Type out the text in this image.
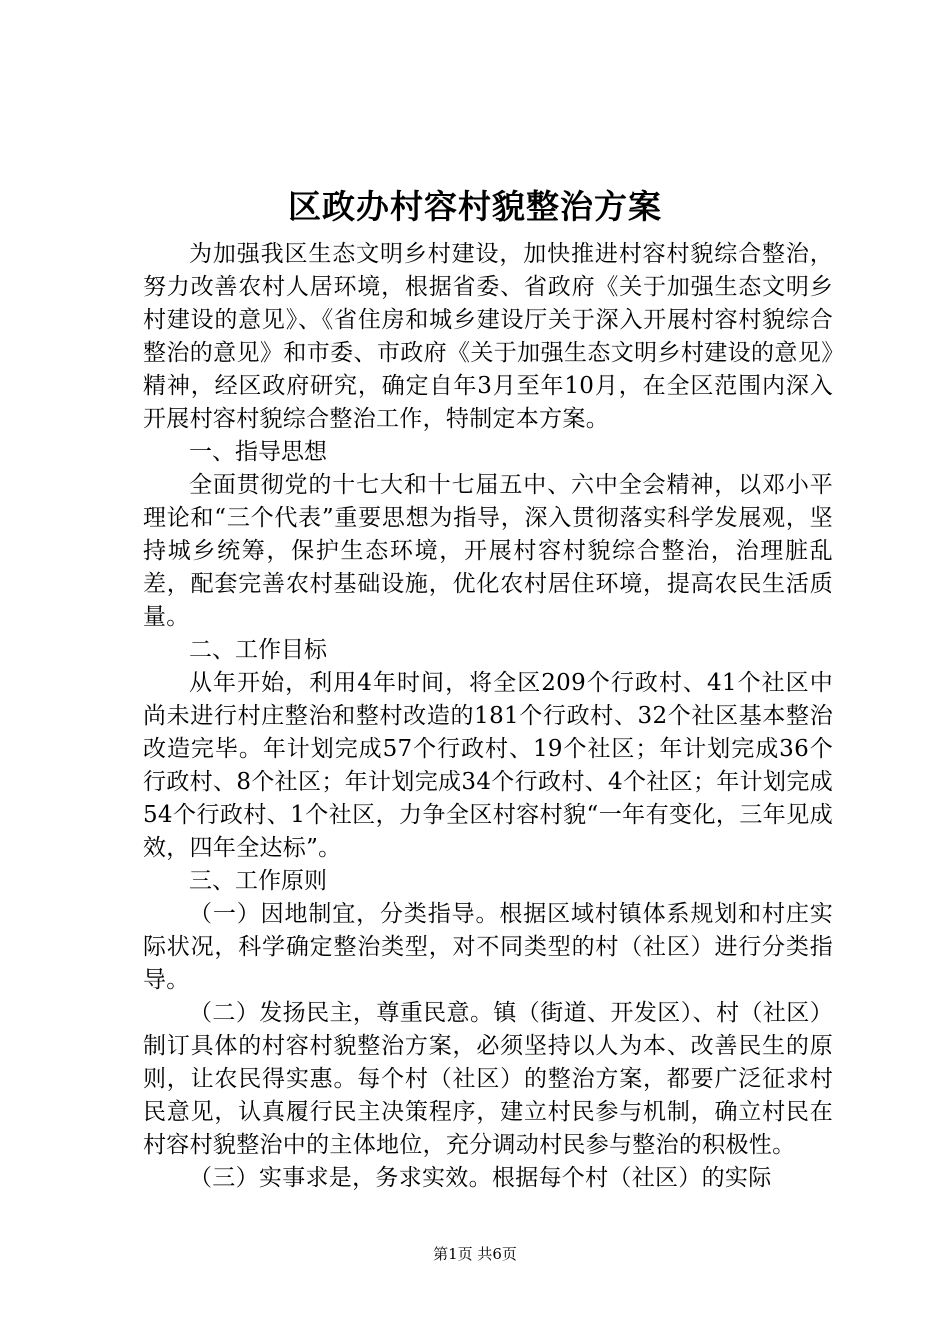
区政办村容村貌整治方案

为加强我区生态文明乡村建设，加快推进村容村貌综合整治，努力改善农村人居环境，根据省委、省政府《关于加强生态文明乡村建设的意见》、《省住房和城乡建设厅关于深入开展村容村貌综合整治的意见》和市委、市政府《关于加强生态文明乡村建设的意见》精神，经区政府研究，确定自年3月至年10月，在全区范围内深入开展村容村貌综合整治工作，特制定本方案。

一、指导思想

全面贯彻党的十七大和十七届五中、六中全会精神，以邓小平理论和“三个代表”重要思想为指导，深入贯彻落实科学发展观，坚持城乡统筹，保护生态环境，开展村容村貌综合整治，治理脏乱差，配套完善农村基础设施，优化农村居住环境，提高农民生活质量。

二、工作目标

从年开始，利用4年时间，将全区209个行政村、41个社区中尚未进行村庄整治和整村改造的181个行政村、32个社区基本整治改造完毕。年计划完成57个行政村、19个社区；年计划完成36个行政村、8个社区；年计划完成34个行政村、4个社区；年计划完成54个行政村、1个社区，力争全区村容村貌“一年有变化，三年见成效，四年全达标”。

三、工作原则

（一）因地制宜，分类指导。根据区域村镇体系规划和村庄实际状况，科学确定整治类型，对不同类型的村（社区）进行分类指导。

（二）发扬民主，尊重民意。镇（街道、开发区）、村（社区）制订具体的村容村貌整治方案，必须坚持以人为本、改善民生的原则，让农民得实惠。每个村（社区）的整治方案，都要广泛征求村民意见，认真履行民主决策程序，建立村民参与机制，确立村民在村容村貌整治中的主体地位，充分调动村民参与整治的积极性。

（三）实事求是，务求实效。根据每个村（社区）的实际

第1页 共6页
